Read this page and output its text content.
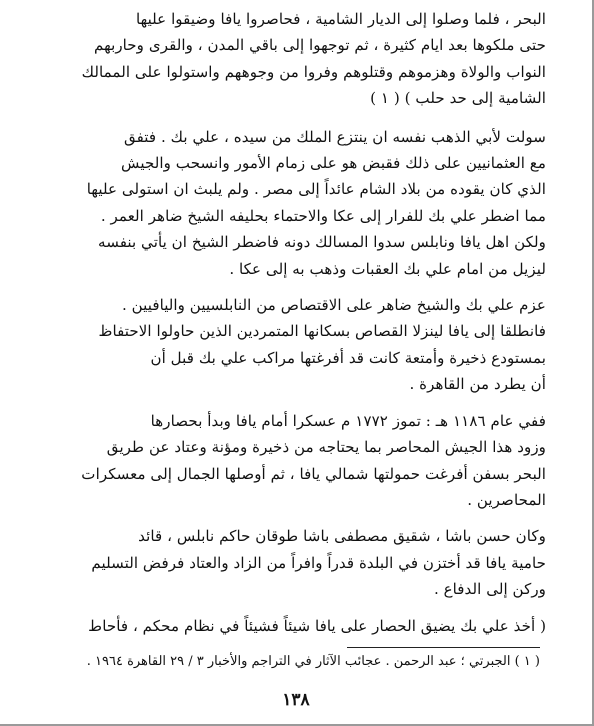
البحر ، فلما وصلوا إلى الديار الشامية ، فحاصروا يافا وضيقوا عليها
حتى ملكوها بعد ايام كثيرة ، ثم توجهوا إلى باقي المدن ، والقرى وحاربهم
النواب والولاة وهزموهم وقتلوهم وفروا من وجوههم واستولوا على الممالك
الشامية إلى حد حلب ) ( ١ )

سولت لأبي الذهب نفسه ان ينتزع الملك من سيده ، علي بك . فتفق
مع العثمانيين على ذلك فقبض هو على زمام الأمور وانسحب والجيش
الذي كان يقوده من بلاد الشام عائداً إلى مصر . ولم يلبث ان استولى عليها
مما اضطر علي بك للفرار إلى عكا والاحتماء بحليفه الشيخ ضاهر العمر .
ولكن اهل يافا ونابلس سدوا المسالك دونه فاضطر الشيخ ان يأتي بنفسه
ليزيل من امام علي بك العقبات وذهب به إلى عكا .

عزم علي بك والشيخ ضاهر على الاقتصاص من النابلسيين واليافيين .
فانطلقا إلى يافا لينزلا القصاص بسكانها المتمردين الذين حاولوا الاحتفاظ
بمستودع ذخيرة وأمتعة كانت قد أفرغتها مراكب علي بك قبل أن
أن يطرد من القاهرة .

ففي عام ١١٨٦ هـ : تموز ١٧٧٢ م عسكرا أمام يافا وبدأ بحصارها
وزود هذا الجيش المحاصر بما يحتاجه من ذخيرة ومؤنة وعتاد عن طريق
البحر بسفن أفرغت حمولتها شمالي يافا ، ثم أوصلها الجمال إلى معسكرات
المحاصرين .

وكان حسن باشا ، شقيق مصطفى باشا طوقان حاكم نابلس ، قائد
حامية يافا قد أختزن في البلدة قدراً وافراً من الزاد والعتاد فرفض التسليم
وركن إلى الدفاع .

( أخذ علي بك يضيق الحصار على يافا شيئاً فشيئاً في نظام محكم ، فأحاط

( ١ ) الجبرتي ؛ عبد الرحمن . عجائب الآثار في التراجم والأخبار ٣ / ٢٩ القاهرة ١٩٦٤ .
١٣٨
